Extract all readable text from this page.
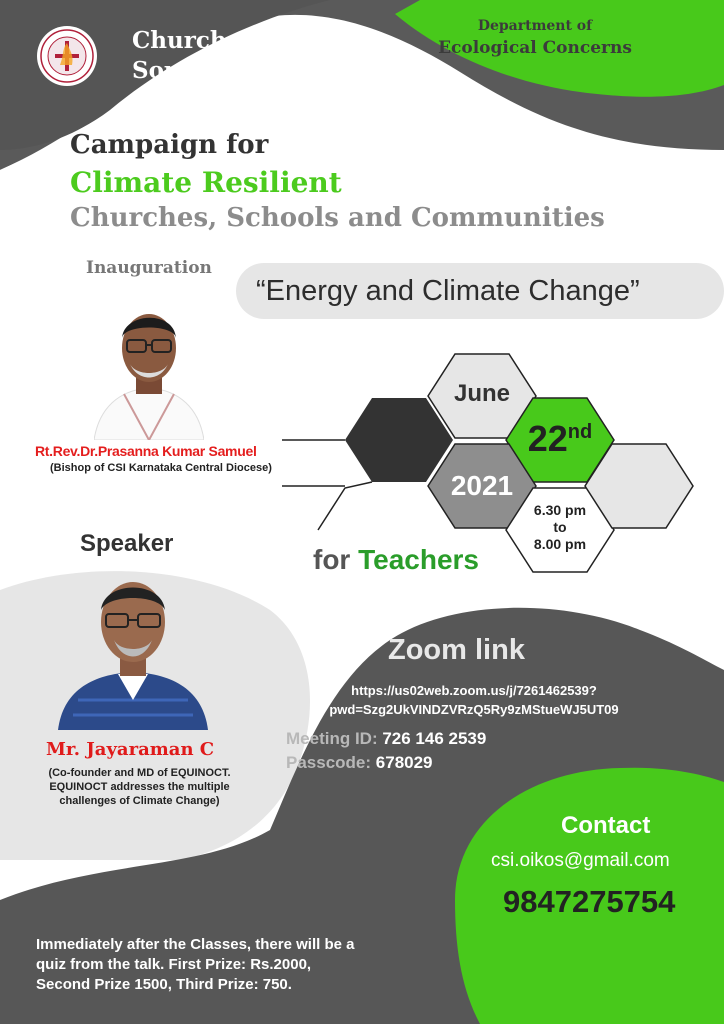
Church of
South India
Department of
Ecological Concerns
Campaign for
Climate Resilient
Churches, Schools and Communities
Inauguration
“Energy and Climate Change”
Rt.Rev.Dr.Prasanna Kumar Samuel
(Bishop of CSI Karnataka Central Diocese)
June
22nd
2021
6.30 pm
to
8.00 pm
Speaker
for Teachers
Mr. Jayaraman C
(Co-founder and MD of EQUINOCT.
EQUINOCT addresses the multiple
challenges of Climate Change)
Zoom link
https://us02web.zoom.us/j/7261462539?
pwd=Szg2UkVINDZVRzQ5Ry9zMStueWJ5UT09
Meeting ID: 726 146 2539
Passcode: 678029
Contact
csi.oikos@gmail.com
9847275754
Immediately after the Classes, there will be a
quiz from the talk. First Prize: Rs.2000,
Second Prize 1500, Third Prize: 750.
